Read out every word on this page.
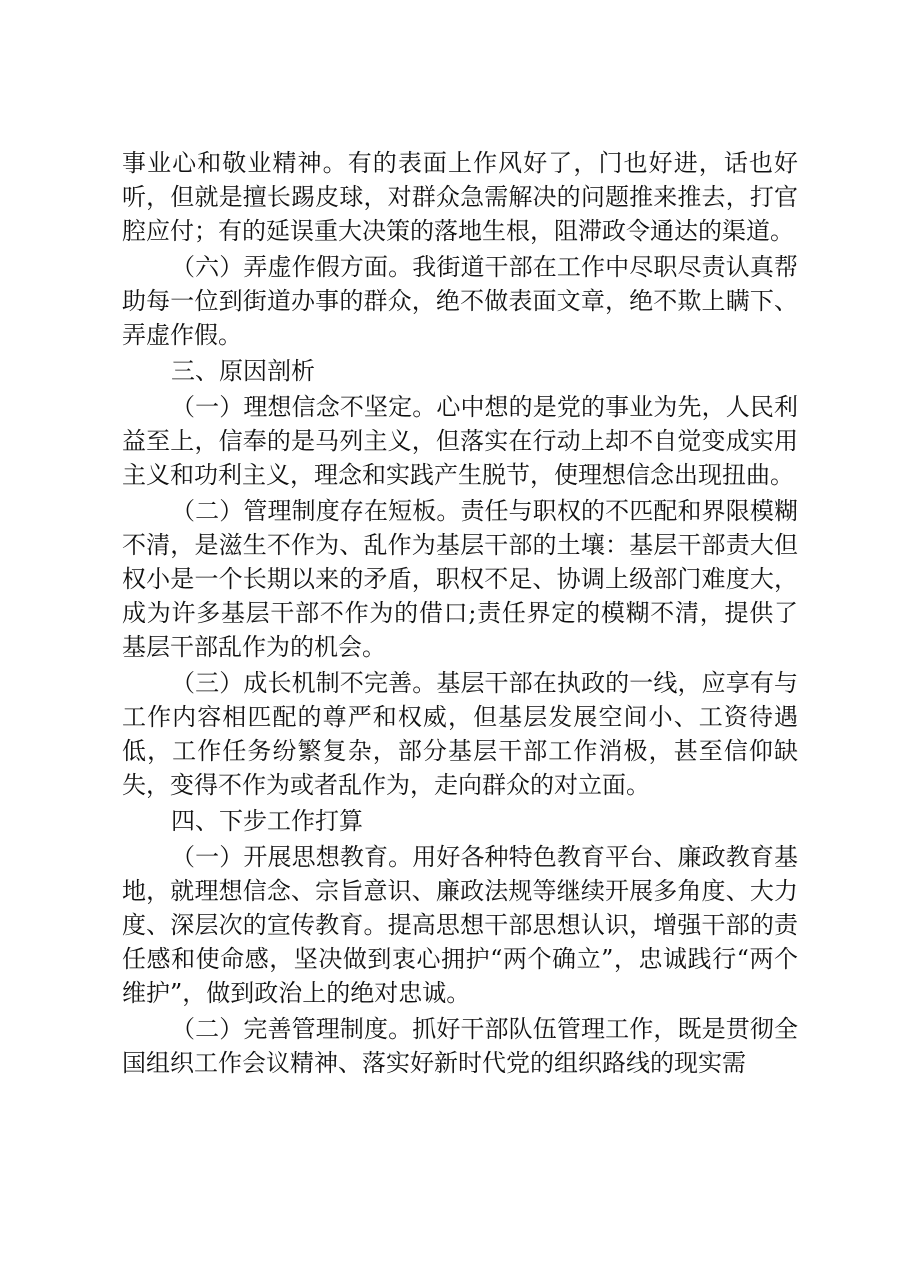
事业心和敬业精神。有的表面上作风好了，门也好进，话也好听，但就是擅长踢皮球，对群众急需解决的问题推来推去，打官腔应付；有的延误重大决策的落地生根，阻滞政令通达的渠道。

（六）弄虚作假方面。我街道干部在工作中尽职尽责认真帮助每一位到街道办事的群众，绝不做表面文章，绝不欺上瞒下、弄虚作假。

三、原因剖析

（一）理想信念不坚定。心中想的是党的事业为先，人民利益至上，信奉的是马列主义，但落实在行动上却不自觉变成实用主义和功利主义，理念和实践产生脱节，使理想信念出现扭曲。

（二）管理制度存在短板。责任与职权的不匹配和界限模糊不清，是滋生不作为、乱作为基层干部的土壤：基层干部责大但权小是一个长期以来的矛盾，职权不足、协调上级部门难度大，成为许多基层干部不作为的借口;责任界定的模糊不清，提供了基层干部乱作为的机会。

（三）成长机制不完善。基层干部在执政的一线，应享有与工作内容相匹配的尊严和权威，但基层发展空间小、工资待遇低，工作任务纷繁复杂，部分基层干部工作消极，甚至信仰缺失，变得不作为或者乱作为，走向群众的对立面。

四、下步工作打算

（一）开展思想教育。用好各种特色教育平台、廉政教育基地，就理想信念、宗旨意识、廉政法规等继续开展多角度、大力度、深层次的宣传教育。提高思想干部思想认识，增强干部的责任感和使命感，坚决做到衷心拥护“两个确立”，忠诚践行“两个维护”，做到政治上的绝对忠诚。

（二）完善管理制度。抓好干部队伍管理工作，既是贯彻全国组织工作会议精神、落实好新时代党的组织路线的现实需
